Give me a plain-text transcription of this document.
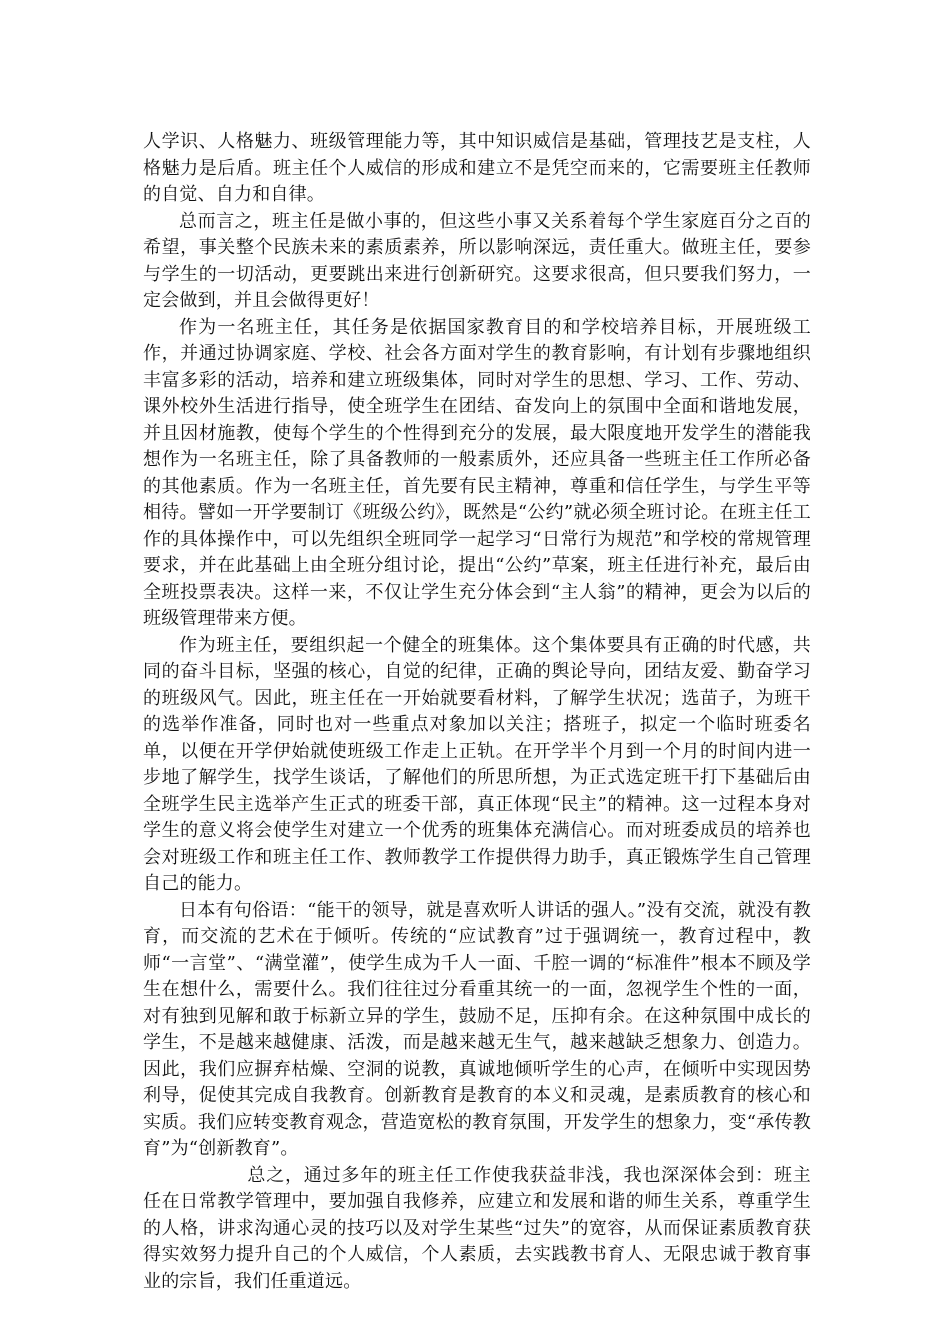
人学识、人格魅力、班级管理能力等，其中知识威信是基础，管理技艺是支柱，人格魅力是后盾。班主任个人威信的形成和建立不是凭空而来的，它需要班主任教师的自觉、自力和自律。

总而言之，班主任是做小事的，但这些小事又关系着每个学生家庭百分之百的希望，事关整个民族未来的素质素养，所以影响深远，责任重大。做班主任，要参与学生的一切活动，更要跳出来进行创新研究。这要求很高，但只要我们努力，一定会做到，并且会做得更好！

作为一名班主任，其任务是依据国家教育目的和学校培养目标，开展班级工作，并通过协调家庭、学校、社会各方面对学生的教育影响，有计划有步骤地组织丰富多彩的活动，培养和建立班级集体，同时对学生的思想、学习、工作、劳动、课外校外生活进行指导，使全班学生在团结、奋发向上的氛围中全面和谐地发展，并且因材施教，使每个学生的个性得到充分的发展，最大限度地开发学生的潜能我想作为一名班主任，除了具备教师的一般素质外，还应具备一些班主任工作所必备的其他素质。作为一名班主任，首先要有民主精神，尊重和信任学生，与学生平等相待。譬如一开学要制订《班级公约》，既然是“公约”就必须全班讨论。在班主任工作的具体操作中，可以先组织全班同学一起学习“日常行为规范”和学校的常规管理要求，并在此基础上由全班分组讨论，提出“公约”草案，班主任进行补充，最后由全班投票表决。这样一来，不仅让学生充分体会到“主人翁”的精神，更会为以后的班级管理带来方便。

作为班主任，要组织起一个健全的班集体。这个集体要具有正确的时代感，共同的奋斗目标，坚强的核心，自觉的纪律，正确的舆论导向，团结友爱、勤奋学习的班级风气。因此，班主任在一开始就要看材料，了解学生状况；选苗子，为班干的选举作准备，同时也对一些重点对象加以关注；搭班子，拟定一个临时班委名单，以便在开学伊始就使班级工作走上正轨。在开学半个月到一个月的时间内进一步地了解学生，找学生谈话，了解他们的所思所想，为正式选定班干打下基础后由全班学生民主选举产生正式的班委干部，真正体现“民主”的精神。这一过程本身对学生的意义将会使学生对建立一个优秀的班集体充满信心。而对班委成员的培养也会对班级工作和班主任工作、教师教学工作提供得力助手，真正锻炼学生自己管理自己的能力。

日本有句俗语：“能干的领导，就是喜欢听人讲话的强人。”没有交流，就没有教育，而交流的艺术在于倾听。传统的“应试教育”过于强调统一，教育过程中，教师“一言堂”、“满堂灌”，使学生成为千人一面、千腔一调的“标准件”根本不顾及学生在想什么，需要什么。我们往往过分看重其统一的一面，忽视学生个性的一面，对有独到见解和敢于标新立异的学生，鼓励不足，压抑有余。在这种氛围中成长的学生，不是越来越健康、活泼，而是越来越无生气，越来越缺乏想象力、创造力。因此，我们应摒弃枯燥、空洞的说教，真诚地倾听学生的心声，在倾听中实现因势利导，促使其完成自我教育。创新教育是教育的本义和灵魂，是素质教育的核心和实质。我们应转变教育观念，营造宽松的教育氛围，开发学生的想象力，变“承传教育”为“创新教育”。

总之，通过多年的班主任工作使我获益非浅，我也深深体会到：班主任在日常教学管理中，要加强自我修养，应建立和发展和谐的师生关系，尊重学生的人格，讲求沟通心灵的技巧以及对学生某些“过失”的宽容，从而保证素质教育获得实效努力提升自己的个人威信，个人素质，去实践教书育人、无限忠诚于教育事业的宗旨，我们任重道远。
